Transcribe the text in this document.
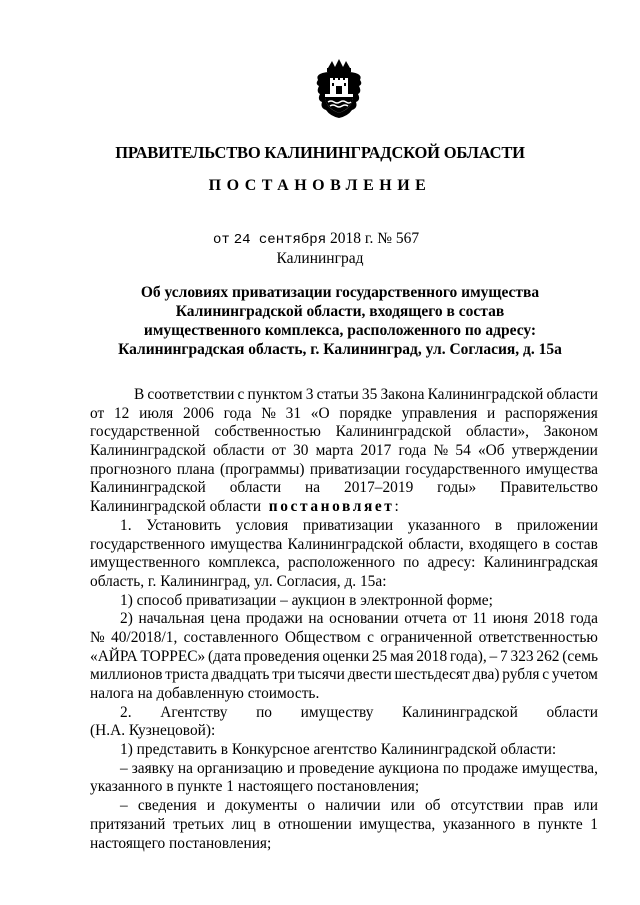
ПРАВИТЕЛЬСТВО КАЛИНИНГРАДСКОЙ ОБЛАСТИ
ПОСТАНОВЛЕНИЕ
от 24 сентября 2018 г. № 567
Калининград
Об условиях приватизации государственного имущества
Калининградской области, входящего в состав
имущественного комплекса, расположенного по адресу:
Калининградская область, г. Калининград, ул. Согласия, д. 15а
В соответствии с пунктом 3 статьи 35 Закона Калининградской области
от 12 июля 2006 года № 31 «О порядке управления и распоряжения
государственной собственностью Калининградской области», Законом
Калининградской области от 30 марта 2017 года № 54 «Об утверждении
прогнозного плана (программы) приватизации государственного имущества
Калининградской области на 2017–2019 годы» Правительство
Калининградской области
постановляет :
1. Установить условия приватизации указанного в приложении
государственного имущества Калининградской области, входящего в состав
имущественного комплекса, расположенного по адресу: Калининградская
область, г. Калининград, ул. Согласия, д. 15а:
1) способ приватизации – аукцион в электронной форме;
2) начальная цена продажи на основании отчета от 11 июня 2018 года
№ 40/2018/1, составленного Обществом с ограниченной ответственностью
«АЙРА ТОРРЕС» (дата проведения оценки 25 мая 2018 года), – 7 323 262 (семь
миллионов триста двадцать три тысячи двести шестьдесят два) рубля с учетом
налога на добавленную стоимость.
2. Агентству по имуществу Калининградской области
(Н.А. Кузнецовой):
1) представить в Конкурсное агентство Калининградской области:
– заявку на организацию и проведение аукциона по продаже имущества,
указанного в пункте 1 настоящего постановления;
– сведения и документы о наличии или об отсутствии прав или
притязаний третьих лиц в отношении имущества, указанного в пункте 1
настоящего постановления;
